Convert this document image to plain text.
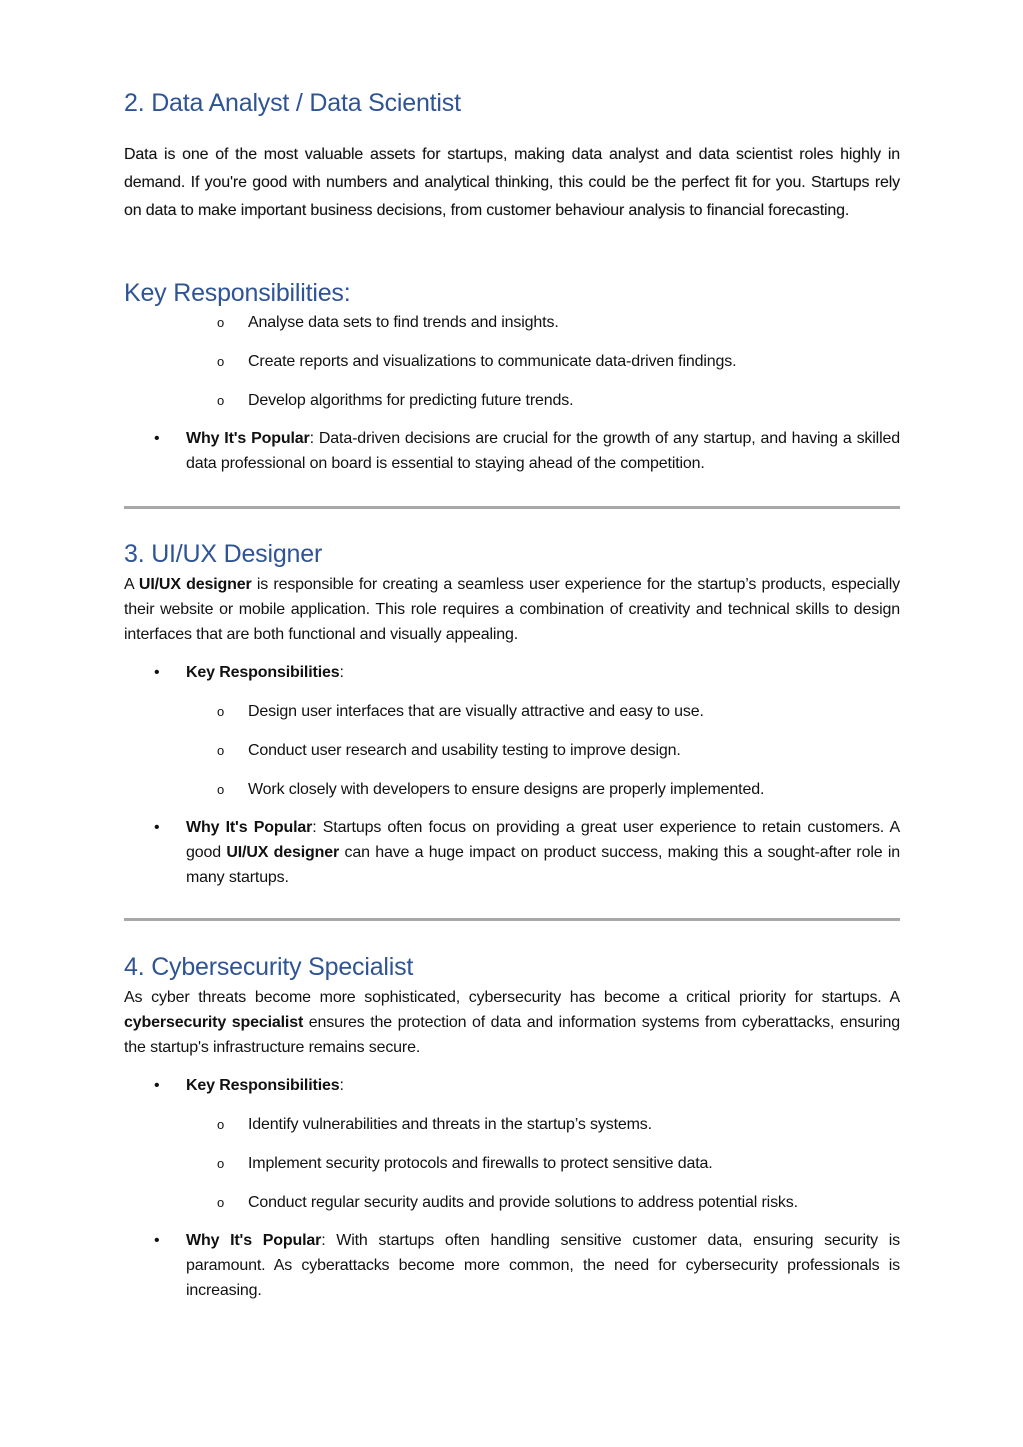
2. Data Analyst / Data Scientist

Data is one of the most valuable assets for startups, making data analyst and data scientist roles highly in demand. If you're good with numbers and analytical thinking, this could be the perfect fit for you. Startups rely on data to make important business decisions, from customer behaviour analysis to financial forecasting.

Key Responsibilities:
o Analyse data sets to find trends and insights.
o Create reports and visualizations to communicate data-driven findings.
o Develop algorithms for predicting future trends.
• Why It's Popular: Data-driven decisions are crucial for the growth of any startup, and having a skilled data professional on board is essential to staying ahead of the competition.
3. UI/UX Designer

A UI/UX designer is responsible for creating a seamless user experience for the startup’s products, especially their website or mobile application. This role requires a combination of creativity and technical skills to design interfaces that are both functional and visually appealing.

• Key Responsibilities:
o Design user interfaces that are visually attractive and easy to use.
o Conduct user research and usability testing to improve design.
o Work closely with developers to ensure designs are properly implemented.
• Why It's Popular: Startups often focus on providing a great user experience to retain customers. A good UI/UX designer can have a huge impact on product success, making this a sought-after role in many startups.
4. Cybersecurity Specialist

As cyber threats become more sophisticated, cybersecurity has become a critical priority for startups. A cybersecurity specialist ensures the protection of data and information systems from cyberattacks, ensuring the startup's infrastructure remains secure.

• Key Responsibilities:
o Identify vulnerabilities and threats in the startup’s systems.
o Implement security protocols and firewalls to protect sensitive data.
o Conduct regular security audits and provide solutions to address potential risks.
• Why It's Popular: With startups often handling sensitive customer data, ensuring security is paramount. As cyberattacks become more common, the need for cybersecurity professionals is increasing.
